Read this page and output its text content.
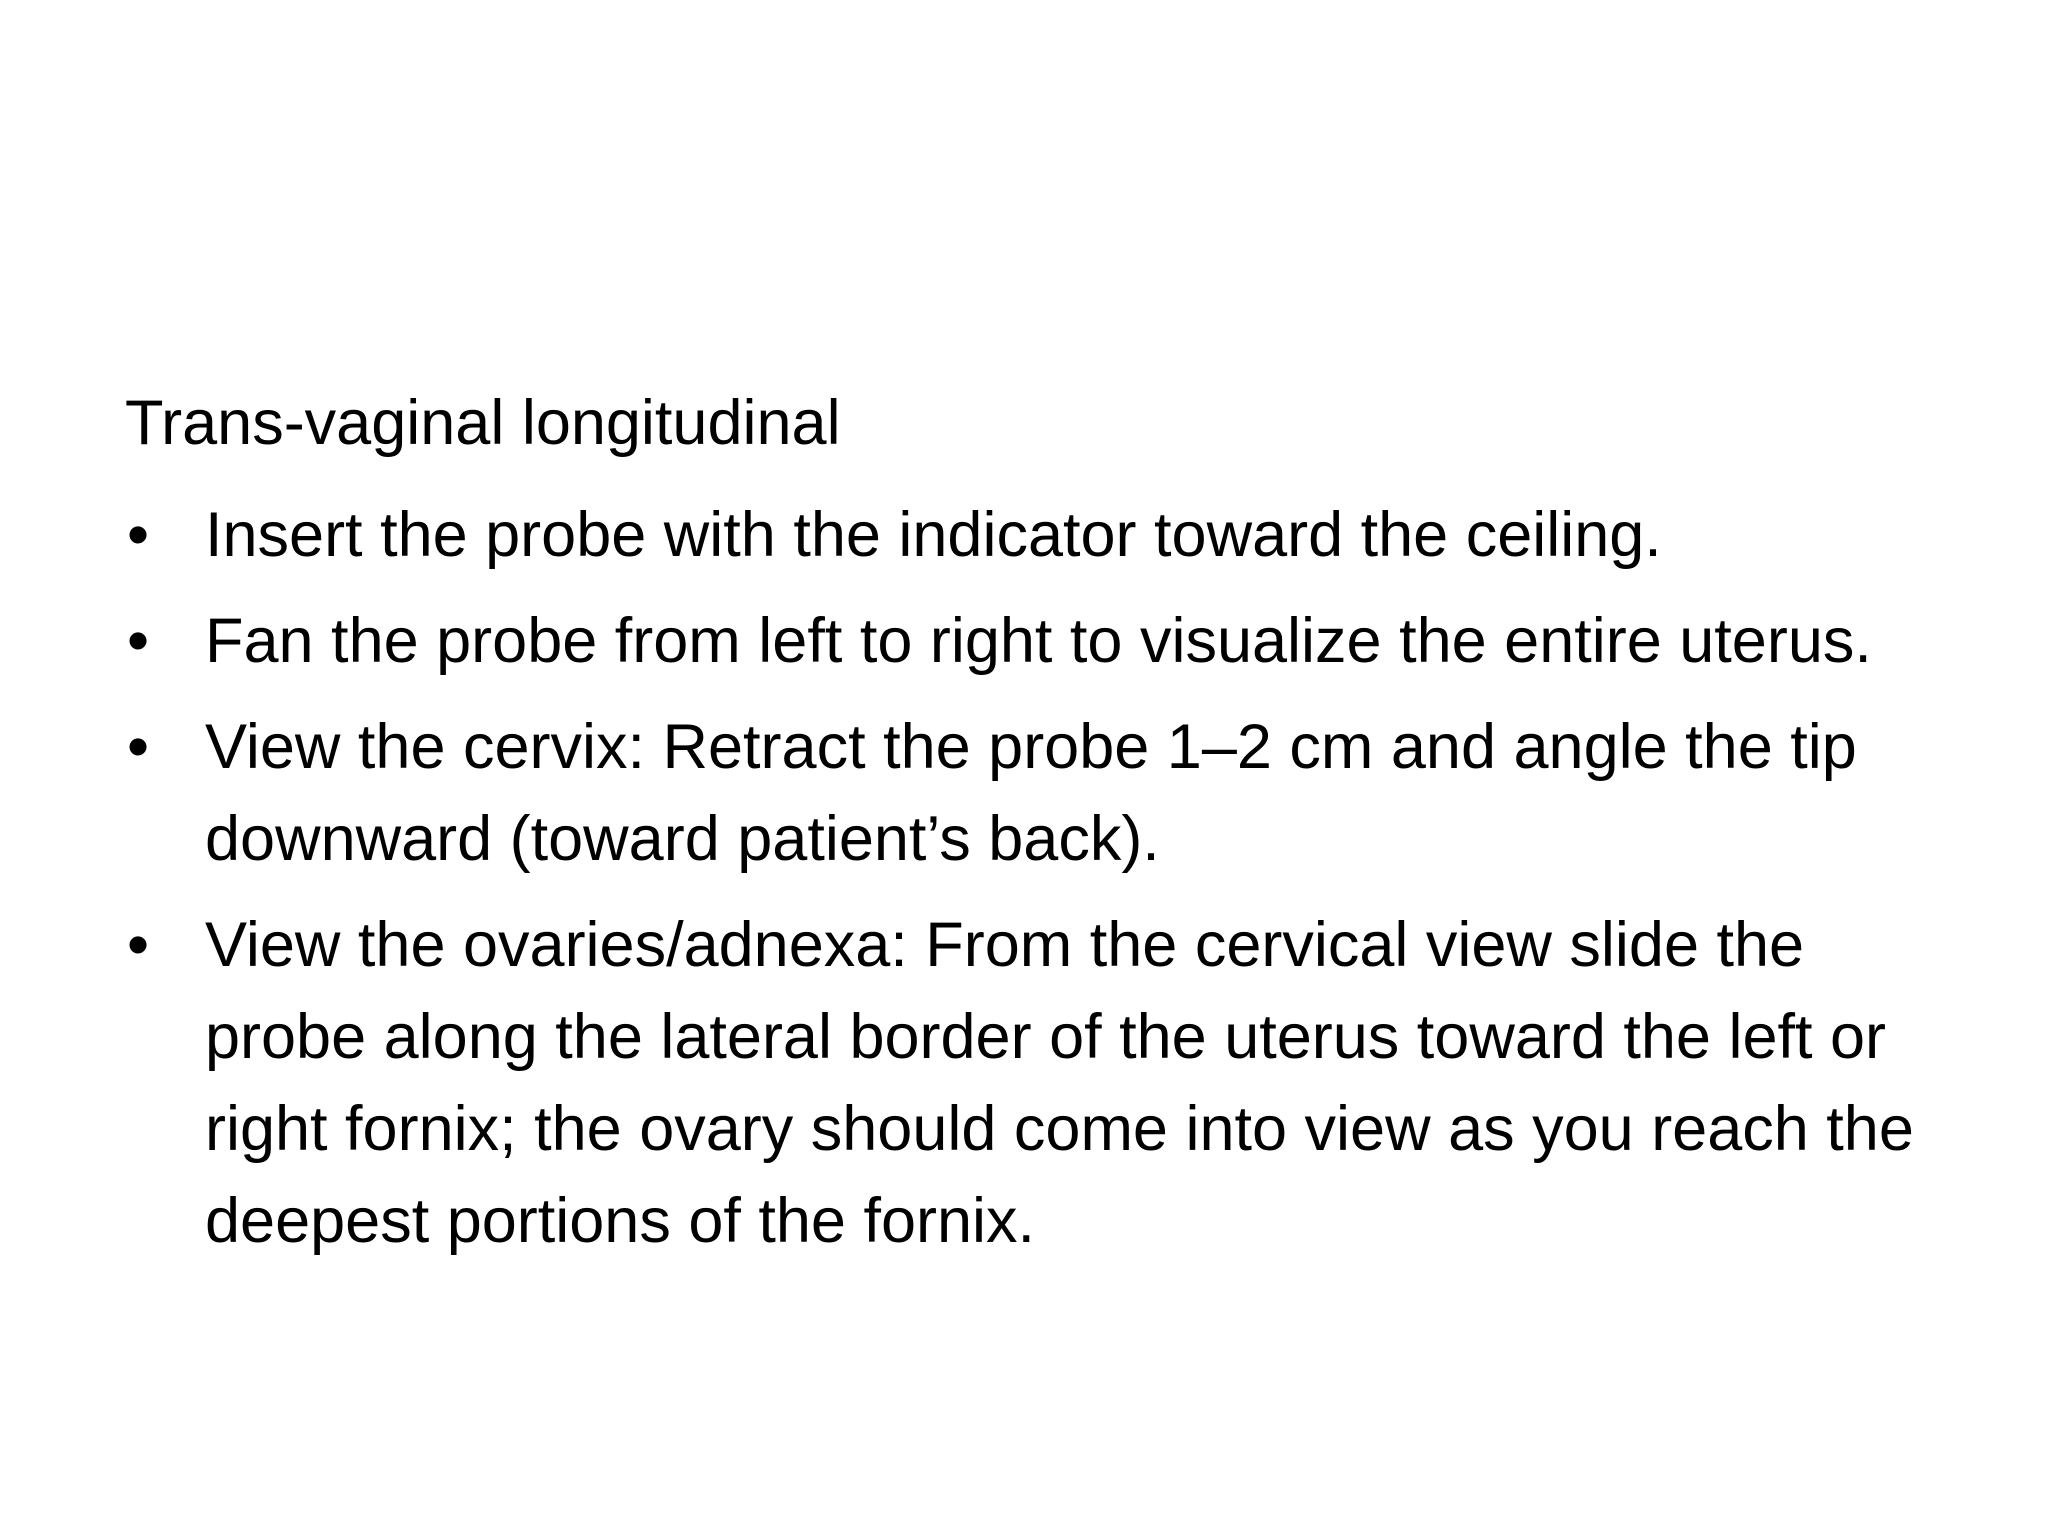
Trans-vaginal longitudinal
• Insert the probe with the indicator toward the ceiling.
• Fan the probe from left to right to visualize the entire uterus.
• View the cervix: Retract the probe 1–2 cm and angle the tip downward (toward patient’s back).
• View the ovaries/adnexa: From the cervical view slide the probe along the lateral border of the uterus toward the left or right fornix; the ovary should come into view as you reach the deepest portions of the fornix.
